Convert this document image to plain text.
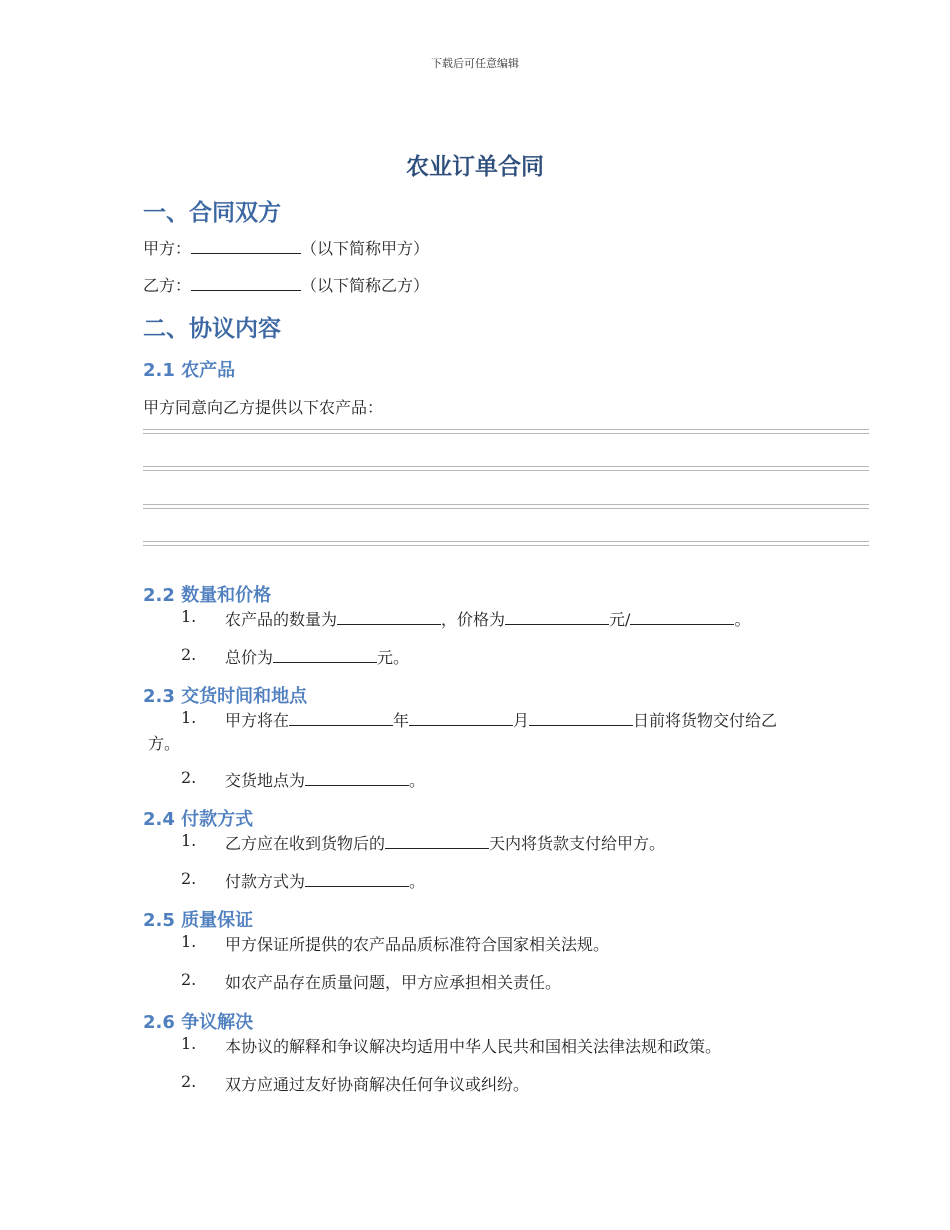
下载后可任意编辑
农业订单合同
一、合同双方
甲方：	（以下简称甲方）
乙方：	（以下简称乙方）
二、协议内容
2.1 农产品
甲方同意向乙方提供以下农产品：
2.2 数量和价格
1. 农产品的数量为	，价格为	元/	。
2. 总价为	元。
2.3 交货时间和地点
1. 甲方将在	年	月	日前将货物交付给乙
方。
2. 交货地点为	。
2.4 付款方式
1. 乙方应在收到货物后的	天内将货款支付给甲方。
2. 付款方式为	。
2.5 质量保证
1. 甲方保证所提供的农产品品质标准符合国家相关法规。
2. 如农产品存在质量问题，甲方应承担相关责任。
2.6 争议解决
1. 本协议的解释和争议解决均适用中华人民共和国相关法律法规和政策。
2. 双方应通过友好协商解决任何争议或纠纷。
